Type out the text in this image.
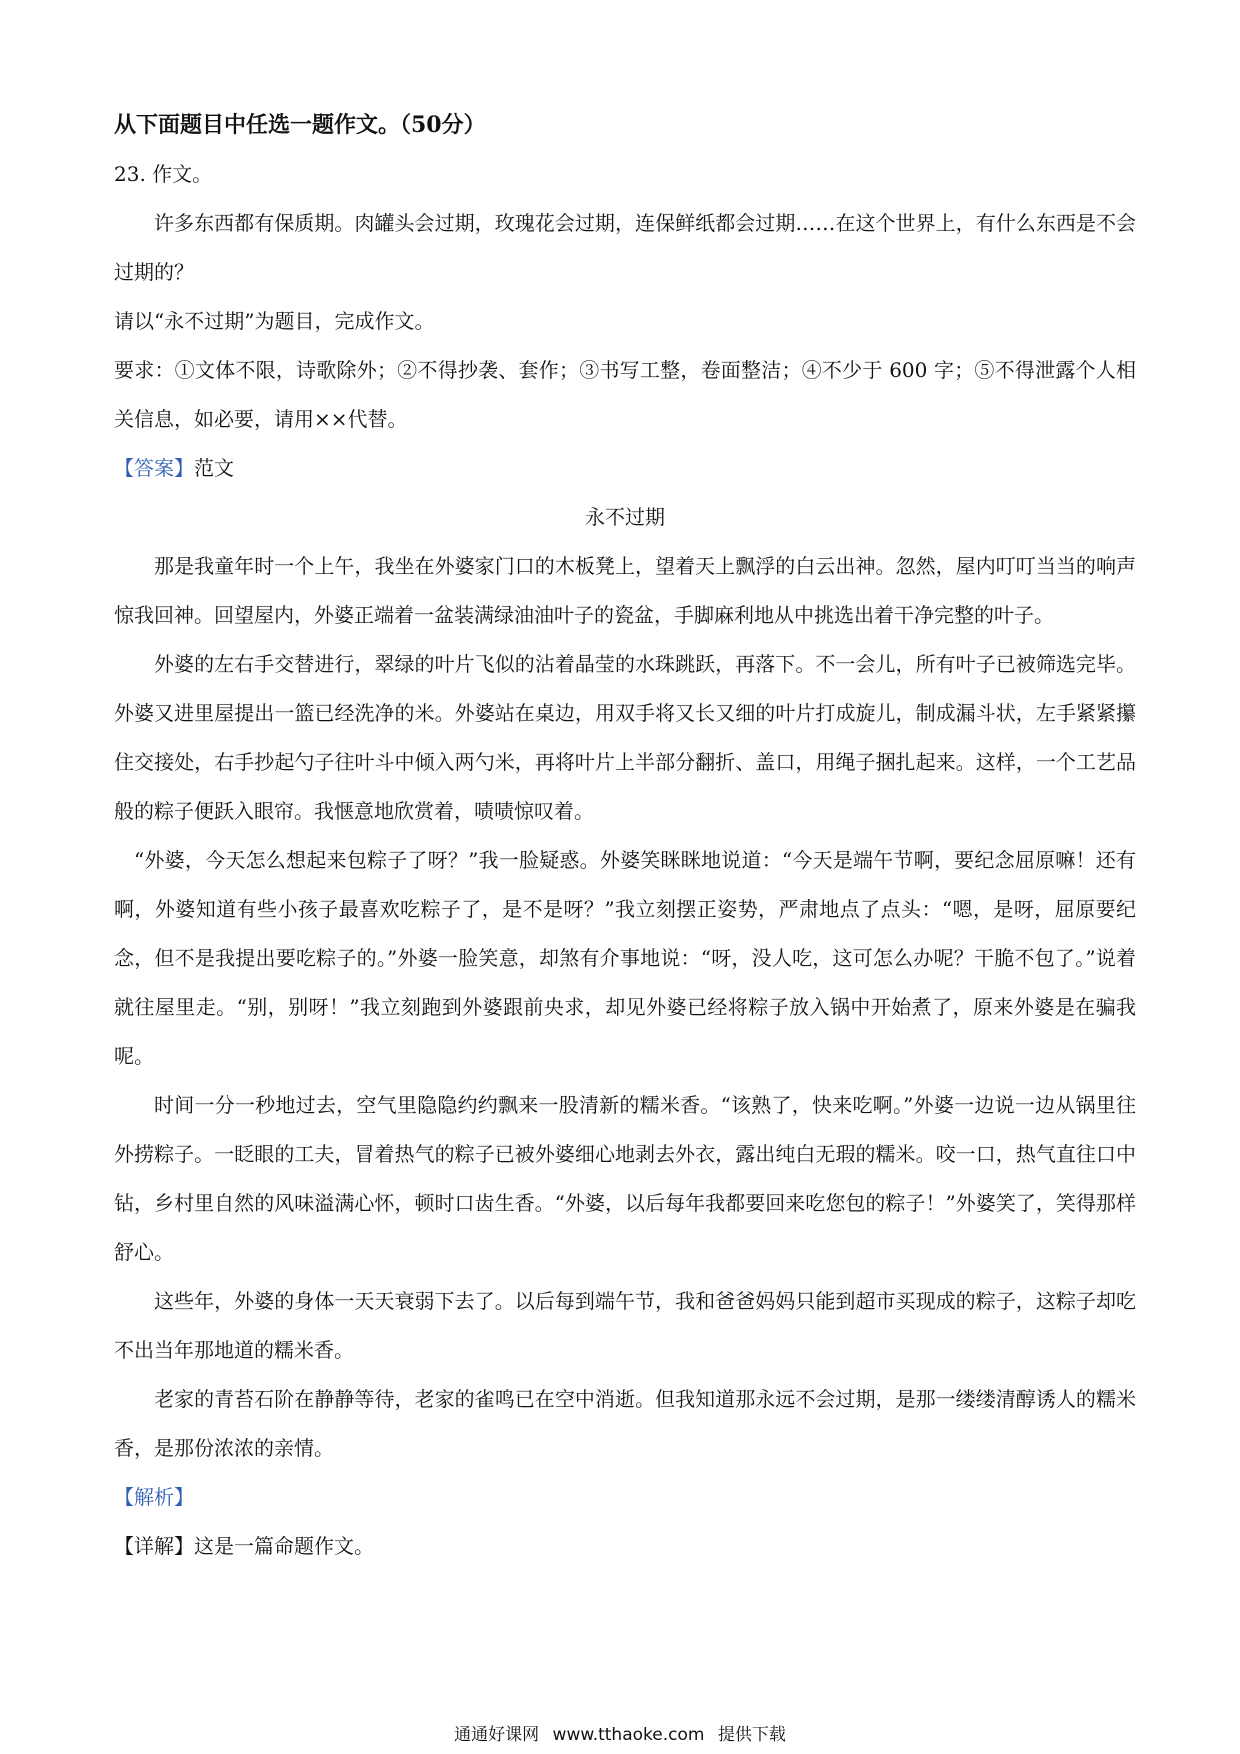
从下面题目中任选一题作文。（50分）

23. 作文。

许多东西都有保质期。肉罐头会过期，玫瑰花会过期，连保鲜纸都会过期……在这个世界上，有什么东西是不会过期的？

请以“永不过期”为题目，完成作文。

要求：①文体不限，诗歌除外；②不得抄袭、套作；③书写工整，卷面整洁；④不少于 600 字；⑤不得泄露个人相关信息，如必要，请用××代替。

【答案】范文

永不过期

那是我童年时一个上午，我坐在外婆家门口的木板凳上，望着天上飘浮的白云出神。忽然，屋内叮叮当当的响声惊我回神。回望屋内，外婆正端着一盆装满绿油油叶子的瓷盆，手脚麻利地从中挑选出着干净完整的叶子。

外婆的左右手交替进行，翠绿的叶片飞似的沾着晶莹的水珠跳跃，再落下。不一会儿，所有叶子已被筛选完毕。外婆又进里屋提出一篮已经洗净的米。外婆站在桌边，用双手将又长又细的叶片打成旋儿，制成漏斗状，左手紧紧攥住交接处，右手抄起勺子往叶斗中倾入两勺米，再将叶片上半部分翻折、盖口，用绳子捆扎起来。这样，一个工艺品般的粽子便跃入眼帘。我惬意地欣赏着，啧啧惊叹着。

“外婆，今天怎么想起来包粽子了呀？”我一脸疑惑。外婆笑眯眯地说道：“今天是端午节啊，要纪念屈原嘛！还有啊，外婆知道有些小孩子最喜欢吃粽子了，是不是呀？”我立刻摆正姿势，严肃地点了点头：“嗯，是呀，屈原要纪念，但不是我提出要吃粽子的。”外婆一脸笑意，却煞有介事地说：“呀，没人吃，这可怎么办呢？干脆不包了。”说着就往屋里走。“别，别呀！”我立刻跑到外婆跟前央求，却见外婆已经将粽子放入锅中开始煮了，原来外婆是在骗我呢。

时间一分一秒地过去，空气里隐隐约约飘来一股清新的糯米香。“该熟了，快来吃啊。”外婆一边说一边从锅里往外捞粽子。一眨眼的工夫，冒着热气的粽子已被外婆细心地剥去外衣，露出纯白无瑕的糯米。咬一口，热气直往口中钻，乡村里自然的风味溢满心怀，顿时口齿生香。“外婆，以后每年我都要回来吃您包的粽子！”外婆笑了，笑得那样舒心。

这些年，外婆的身体一天天衰弱下去了。以后每到端午节，我和爸爸妈妈只能到超市买现成的粽子，这粽子却吃不出当年那地道的糯米香。

老家的青苔石阶在静静等待，老家的雀鸣已在空中消逝。但我知道那永远不会过期，是那一缕缕清醇诱人的糯米香，是那份浓浓的亲情。

【解析】

【详解】这是一篇命题作文。

通通好课网 www.tthaoke.com 提供下载
